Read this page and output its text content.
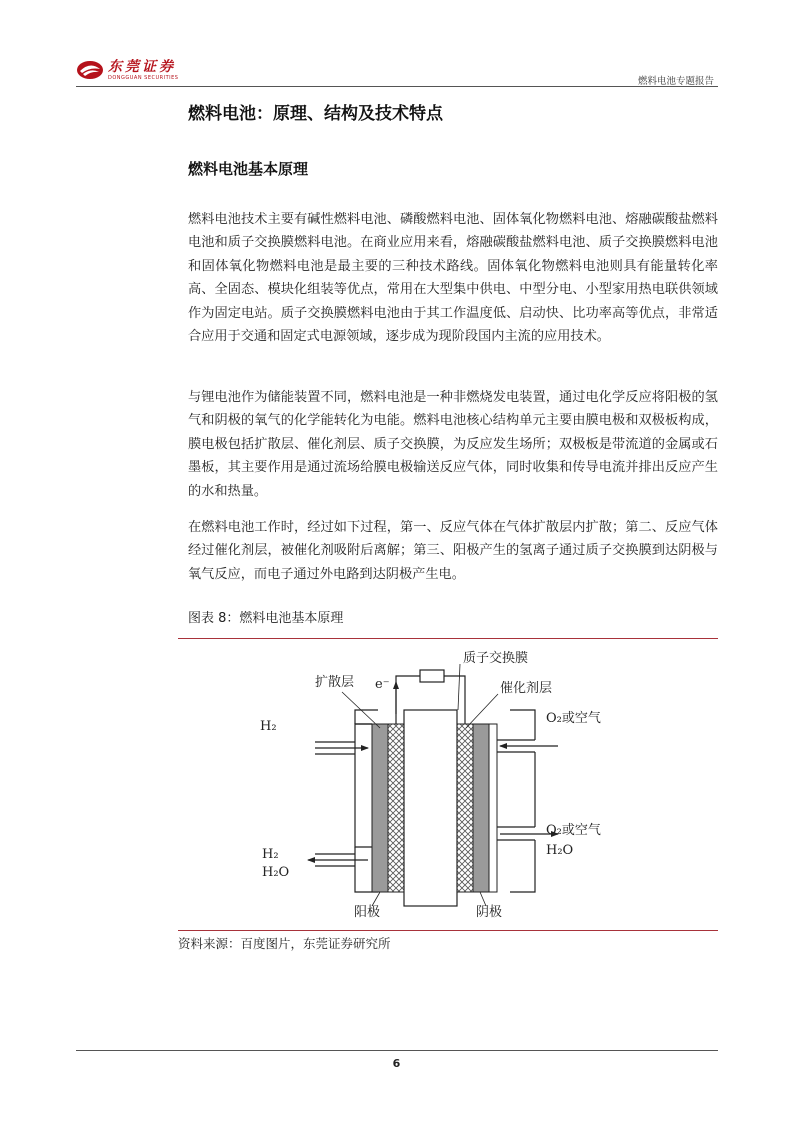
东莞证券
DONGGUAN SECURITIES	燃料电池专题报告
燃料电池：原理、结构及技术特点
燃料电池基本原理

燃料电池技术主要有碱性燃料电池、磷酸燃料电池、固体氧化物燃料电池、熔融碳酸盐燃料电池和质子交换膜燃料电池。在商业应用来看，熔融碳酸盐燃料电池、质子交换膜燃料电池和固体氧化物燃料电池是最主要的三种技术路线。固体氧化物燃料电池则具有能量转化率高、全固态、模块化组装等优点，常用在大型集中供电、中型分电、小型家用热电联供领域作为固定电站。质子交换膜燃料电池由于其工作温度低、启动快、比功率高等优点，非常适合应用于交通和固定式电源领域，逐步成为现阶段国内主流的应用技术。

与锂电池作为储能装置不同，燃料电池是一种非燃烧发电装置，通过电化学反应将阳极的氢气和阴极的氧气的化学能转化为电能。燃料电池核心结构单元主要由膜电极和双极板构成，膜电极包括扩散层、催化剂层、质子交换膜，为反应发生场所；双极板是带流道的金属或石墨板，其主要作用是通过流场给膜电极输送反应气体，同时收集和传导电流并排出反应产生的水和热量。

在燃料电池工作时，经过如下过程，第一、反应气体在气体扩散层内扩散；第二、反应气体经过催化剂层，被催化剂吸附后离解；第三、阳极产生的氢离子通过质子交换膜到达阴极与氧气反应，而电子通过外电路到达阴极产生电。

图表 8：燃料电池基本原理
质子交换膜
扩散层 e⁻	催化剂层
H₂
O₂或空气
O₂或空气
H₂O
H₂
H₂O
阳极	阴极
资料来源：百度图片，东莞证券研究所
6
